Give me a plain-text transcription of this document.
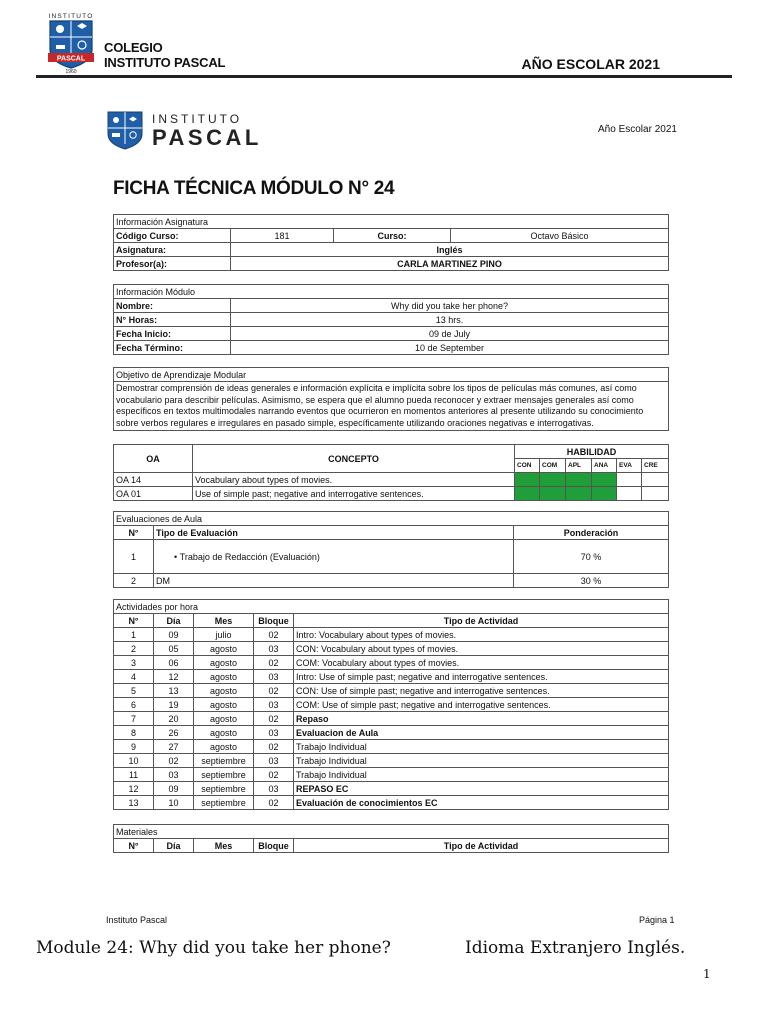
INSTITUTO
PASCAL
1960
COLEGIO
INSTITUTO PASCAL	AÑO ESCOLAR 2021
INSTITUTO
PASCAL	Año Escolar 2021
FICHA TÉCNICA MÓDULO N° 24
Información Asignatura			
Código Curso:	181	Curso:	Octavo Básico
Asignatura:	Inglés		
Profesor(a):	CARLA MARTINEZ PINO		
Información Módulo	
Nombre:	Why did you take her phone?
N° Horas:	13 hrs.
Fecha Inicio:	09 de July
Fecha Término:	10 de September
Objetivo de Aprendizaje Modular
Demostrar comprensión de ideas generales e información explícita e implícita sobre los tipos de películas más comunes, así como vocabulario para describir películas. Asimismo, se espera que el alumno pueda reconocer y extraer mensajes generales así como específicos en textos multimodales narrando eventos que ocurrieron en momentos anteriores al presente utilizando su conocimiento sobre verbos regulares e irregulares en pasado simple, específicamente utilizando oraciones negativas e interrogativas.
OA	CONCEPTO	HABILIDAD					
		CON	COM	APL	ANA	EVA	CRE
OA 14	Vocabulary about types of movies.						
OA 01	Use of simple past; negative and interrogative sentences.						
Evaluaciones de Aula		
N°	Tipo de Evaluación	Ponderación
1	• Trabajo de Redacción (Evaluación)	70 %
2	DM	30 %
Actividades por hora				
N°	Día	Mes	Bloque	Tipo de Actividad
1	09	julio	02	Intro: Vocabulary about types of movies.
2	05	agosto	03	CON: Vocabulary about types of movies.
3	06	agosto	02	COM: Vocabulary about types of movies.
4	12	agosto	03	Intro: Use of simple past; negative and interrogative sentences.
5	13	agosto	02	CON: Use of simple past; negative and interrogative sentences.
6	19	agosto	03	COM: Use of simple past; negative and interrogative sentences.
7	20	agosto	02	Repaso
8	26	agosto	03	Evaluacion de Aula
9	27	agosto	02	Trabajo Individual
10	02	septiembre	03	Trabajo Individual
11	03	septiembre	02	Trabajo Individual
12	09	septiembre	03	REPASO EC
13	10	septiembre	02	Evaluación de conocimientos EC
Materiales
N°	Día	Mes	Bloque	Tipo de Actividad
Instituto Pascal	Página 1
Module 24: Why did you take her phone?	Idioma Extranjero Inglés.
1
